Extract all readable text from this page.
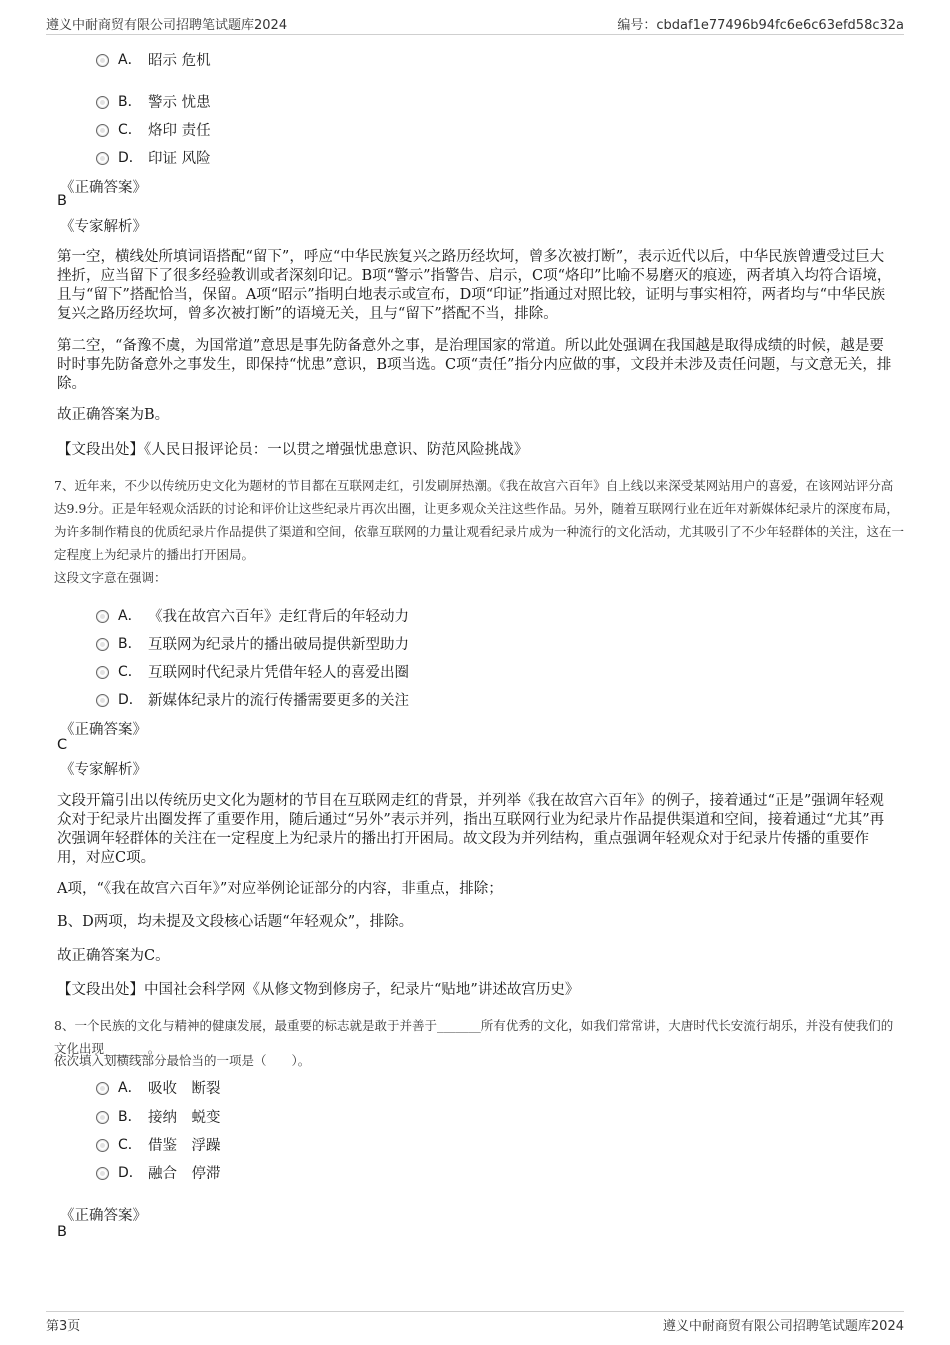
遵义中耐商贸有限公司招聘笔试题库2024	编号：cbdaf1e77496b94fc6e6c63efd58c32a
A． 昭示 危机
B． 警示 忧患
C． 烙印 责任
D． 印证 风险
《正确答案》
B
《专家解析》
第一空，横线处所填词语搭配“留下”，呼应“中华民族复兴之路历经坎坷，曾多次被打断”，表示近代以后，中华民族曾遭受过巨大挫折，应当留下了很多经验教训或者深刻印记。B项“警示”指警告、启示，C项“烙印”比喻不易磨灭的痕迹，两者填入均符合语境，且与“留下”搭配恰当，保留。A项“昭示”指明白地表示或宣布，D项“印证”指通过对照比较，证明与事实相符，两者均与“中华民族复兴之路历经坎坷，曾多次被打断”的语境无关，且与“留下”搭配不当，排除。
第二空，“备豫不虞，为国常道”意思是事先防备意外之事，是治理国家的常道。所以此处强调在我国越是取得成绩的时候，越是要时时事先防备意外之事发生，即保持“忧患”意识，B项当选。C项“责任”指分内应做的事，文段并未涉及责任问题，与文意无关，排除。
故正确答案为B。
【文段出处】《人民日报评论员：一以贯之增强忧患意识、防范风险挑战》
7、近年来，不少以传统历史文化为题材的节目都在互联网走红，引发刷屏热潮。《我在故宫六百年》自上线以来深受某网站用户的喜爱，在该网站评分高达9.9分。正是年轻观众活跃的讨论和评价让这些纪录片再次出圈，让更多观众关注这些作品。另外，随着互联网行业在近年对新媒体纪录片的深度布局，为许多制作精良的优质纪录片作品提供了渠道和空间，依靠互联网的力量让观看纪录片成为一种流行的文化活动，尤其吸引了不少年轻群体的关注，这在一定程度上为纪录片的播出打开困局。
这段文字意在强调：
A． 《我在故宫六百年》走红背后的年轻动力
B． 互联网为纪录片的播出破局提供新型助力
C． 互联网时代纪录片凭借年轻人的喜爱出圈
D． 新媒体纪录片的流行传播需要更多的关注
《正确答案》
C
《专家解析》
文段开篇引出以传统历史文化为题材的节目在互联网走红的背景，并列举《我在故宫六百年》的例子，接着通过“正是”强调年轻观众对于纪录片出圈发挥了重要作用，随后通过“另外”表示并列，指出互联网行业为纪录片作品提供渠道和空间，接着通过“尤其”再次强调年轻群体的关注在一定程度上为纪录片的播出打开困局。故文段为并列结构，重点强调年轻观众对于纪录片传播的重要作用，对应C项。
A项，“《我在故宫六百年》”对应举例论证部分的内容，非重点，排除；
B、D两项，均未提及文段核心话题“年轻观众”，排除。
故正确答案为C。
【文段出处】中国社会科学网《从修文物到修房子，纪录片“贴地”讲述故宫历史》
8、一个民族的文化与精神的健康发展，最重要的标志就是敢于并善于_______所有优秀的文化，如我们常常讲，大唐时代长安流行胡乐，并没有使我们的文化出现_______。
依次填入划横线部分最恰当的一项是（　　）。
A． 吸收　断裂
B． 接纳　蜕变
C． 借鉴　浮躁
D． 融合　停滞
《正确答案》
B
第3页	遵义中耐商贸有限公司招聘笔试题库2024
